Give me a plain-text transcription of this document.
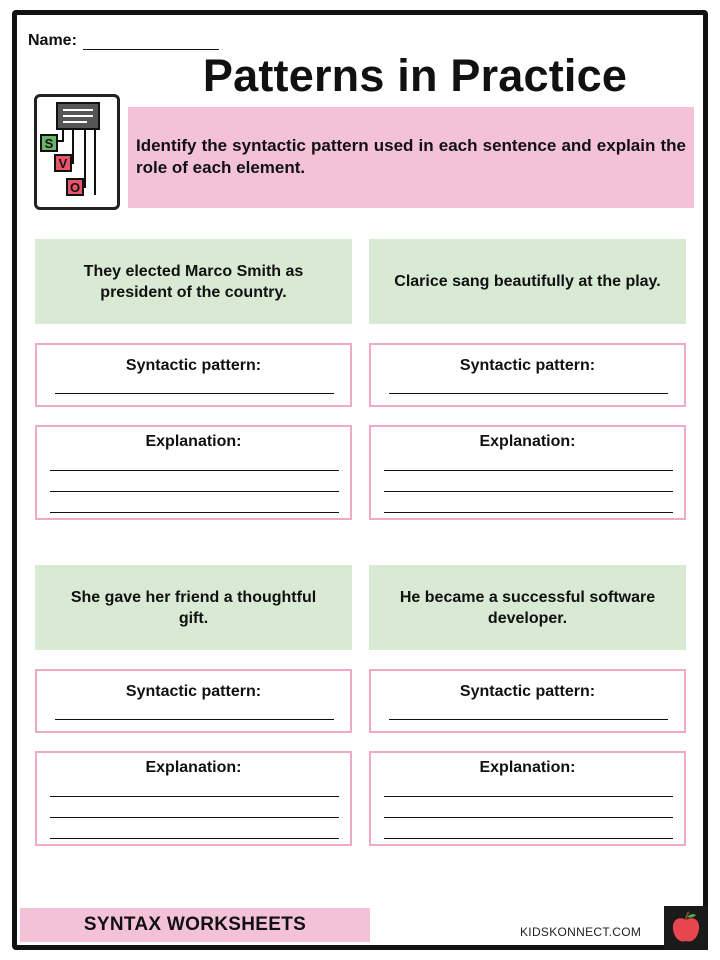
Name:
Patterns in Practice
S
V
O
Identify the syntactic pattern used in each sentence and explain the role of each element.
They elected Marco Smith as president of the country.
Syntactic pattern:
Explanation:
Clarice sang beautifully at the play.
Syntactic pattern:
Explanation:
She gave her friend a thoughtful gift.
Syntactic pattern:
Explanation:
He became a successful software developer.
Syntactic pattern:
Explanation:
SYNTAX WORKSHEETS	KIDSKONNECT.COM
